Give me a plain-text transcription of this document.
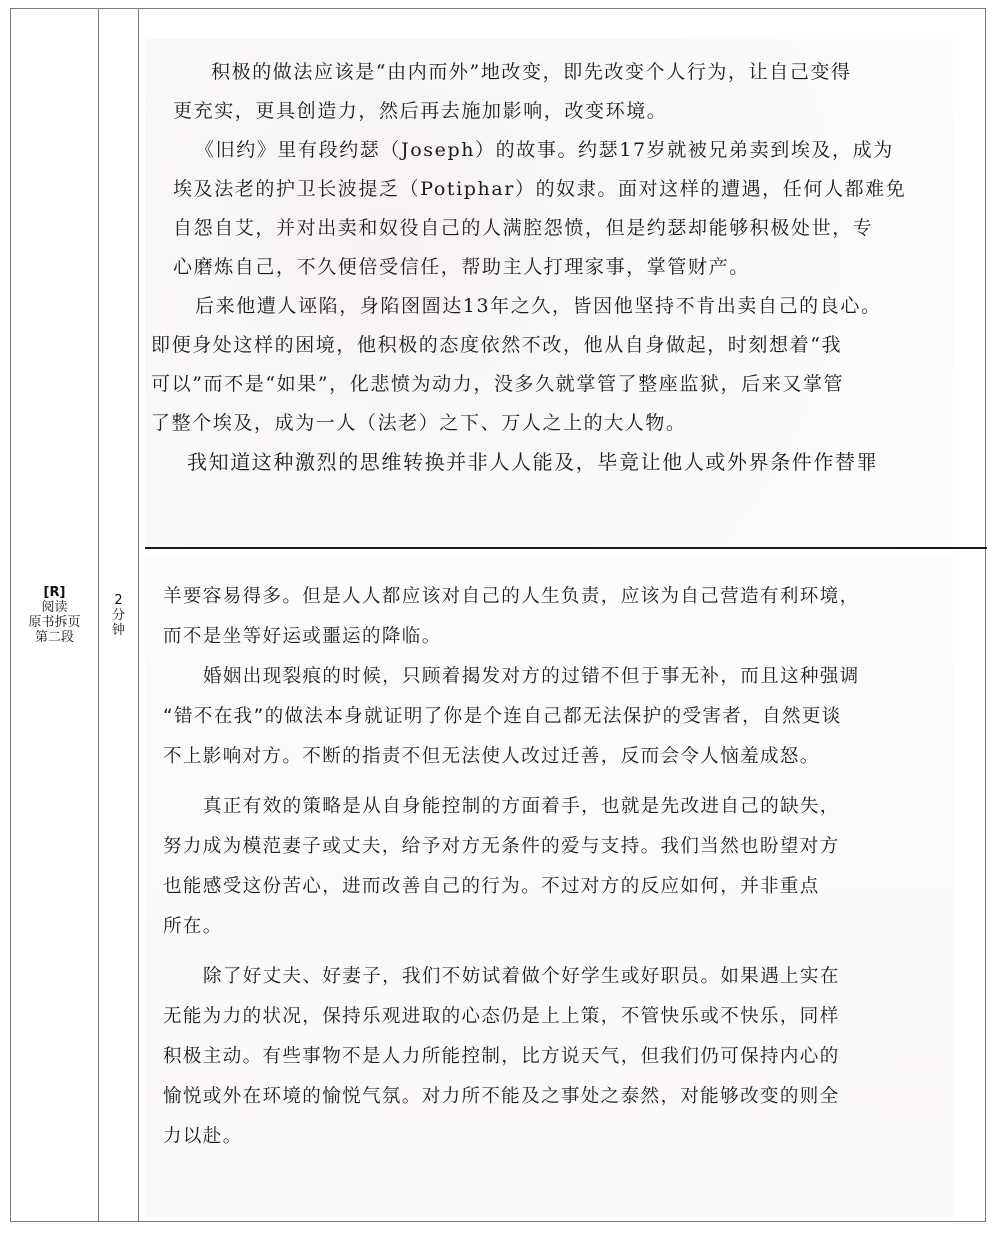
[R]
阅读
原书拆页
第二段
2
分
钟

积极的做法应该是“由内而外”地改变，即先改变个人行为，让自己变得

更充实，更具创造力，然后再去施加影响，改变环境。

《旧约》里有段约瑟（Joseph）的故事。约瑟17岁就被兄弟卖到埃及，成为

埃及法老的护卫长波提乏（Potiphar）的奴隶。面对这样的遭遇，任何人都难免

自怨自艾，并对出卖和奴役自己的人满腔怨愤，但是约瑟却能够积极处世，专

心磨炼自己，不久便倍受信任，帮助主人打理家事，掌管财产。

后来他遭人诬陷，身陷囹圄达13年之久，皆因他坚持不肯出卖自己的良心。

即便身处这样的困境，他积极的态度依然不改，他从自身做起，时刻想着“我

可以”而不是“如果”，化悲愤为动力，没多久就掌管了整座监狱，后来又掌管

了整个埃及，成为一人（法老）之下、万人之上的大人物。

我知道这种激烈的思维转换并非人人能及，毕竟让他人或外界条件作替罪

羊要容易得多。但是人人都应该对自己的人生负责，应该为自己营造有利环境，

而不是坐等好运或噩运的降临。

婚姻出现裂痕的时候，只顾着揭发对方的过错不但于事无补，而且这种强调

“错不在我”的做法本身就证明了你是个连自己都无法保护的受害者，自然更谈

不上影响对方。不断的指责不但无法使人改过迁善，反而会令人恼羞成怒。

真正有效的策略是从自身能控制的方面着手，也就是先改进自己的缺失，

努力成为模范妻子或丈夫，给予对方无条件的爱与支持。我们当然也盼望对方

也能感受这份苦心，进而改善自己的行为。不过对方的反应如何，并非重点

所在。

除了好丈夫、好妻子，我们不妨试着做个好学生或好职员。如果遇上实在

无能为力的状况，保持乐观进取的心态仍是上上策，不管快乐或不快乐，同样

积极主动。有些事物不是人力所能控制，比方说天气，但我们仍可保持内心的

愉悦或外在环境的愉悦气氛。对力所不能及之事处之泰然，对能够改变的则全

力以赴。
